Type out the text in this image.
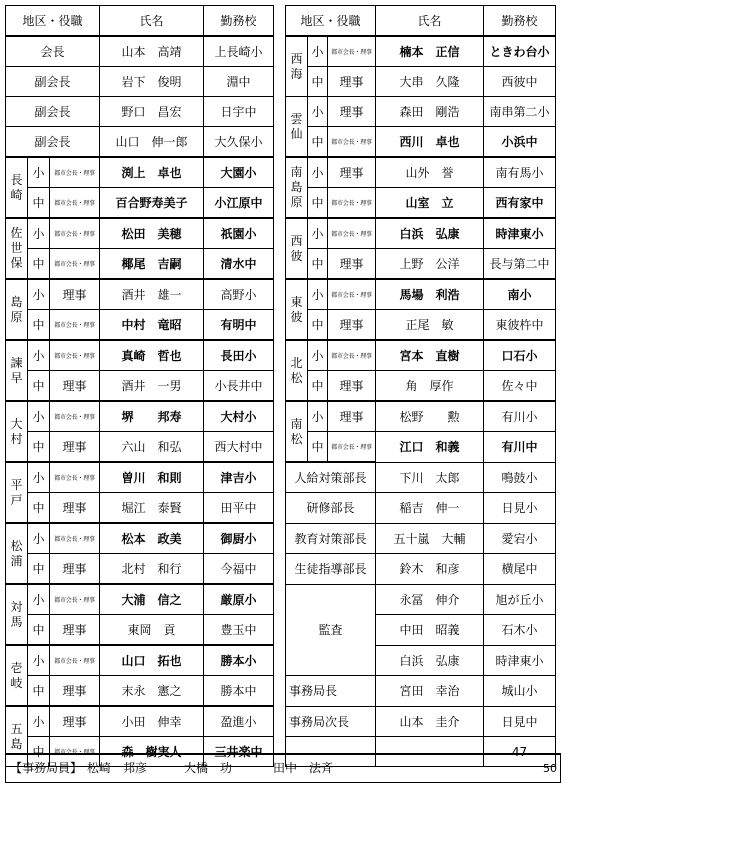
地区・役職			氏名	勤務校		地区・役職			氏名	勤務校
会長			山本　高靖	上長崎小		西海	小	都市会長・理事	楠本　正信	ときわ台小
副会長			岩下　俊明	淵中			中	理事	大串　久隆	西彼中
副会長			野口　昌宏	日宇中		雲仙	小	理事	森田　剛浩	南串第二小
副会長			山口　伸一郎	大久保小			中	都市会長・理事	西川　卓也	小浜中

長崎	小	都市会長・理事	渕上　卓也	大園小		南島原	小	理事	山外　誉	南有馬小
	中	都市会長・理事	百合野寿美子	小江原中			中	都市会長・理事	山室　立	西有家中

佐世保	小	都市会長・理事	松田　美穂	祇園小		西彼	小	都市会長・理事	白浜　弘康	時津東小
	中	都市会長・理事	椰尾　吉嗣	清水中			中	理事	上野　公洋	長与第二中

島原	小	理事	酒井　雄一	高野小		東彼	小	都市会長・理事	馬場　利浩	南小
	中	都市会長・理事	中村　竜昭	有明中			中	理事	正尾　敏	東彼杵中

諫早	小	都市会長・理事	真崎　哲也	長田小		北松	小	都市会長・理事	宮本　直樹	口石小
	中	理事	酒井　一男	小長井中			中	理事	角　厚作	佐々中

大村	小	都市会長・理事	堺　　邦寿	大村小		南松	小	理事	松野　　勲	有川小
	中	理事	六山　和弘	西大村中			中	都市会長・理事	江口　和義	有川中

平戸	小	都市会長・理事	曽川　和則	津吉小		人給対策部長			下川　太郎	鳴鼓小
	中	理事	堀江　泰賢	田平中		研修部長			稲吉　伸一	日見小

松浦	小	都市会長・理事	松本　政美	御厨小		教育対策部長			五十嵐　大輔	愛宕小
	中	理事	北村　和行	今福中		生徒指導部長			鈴木　和彦	横尾中

対馬	小	都市会長・理事	大浦　信之	厳原小		監査			永冨　伸介	旭が丘小
	中	理事	東岡　貢	豊玉中					中田　昭義	石木小

壱岐	小	都市会長・理事	山口　拓也	勝本小					白浜　弘康	時津東小
	中	理事	末永　憲之	勝本中		事務局長			宮田　幸治	城山小

五島	小	理事	小田　伸幸	盈進小		事務局次長			山本　圭介	日見中
	中	都市会長・理事	森　樹実人	三井楽中						47
【事務局員】 松崎　邦彦	大橋　功	田中　法斉	50
